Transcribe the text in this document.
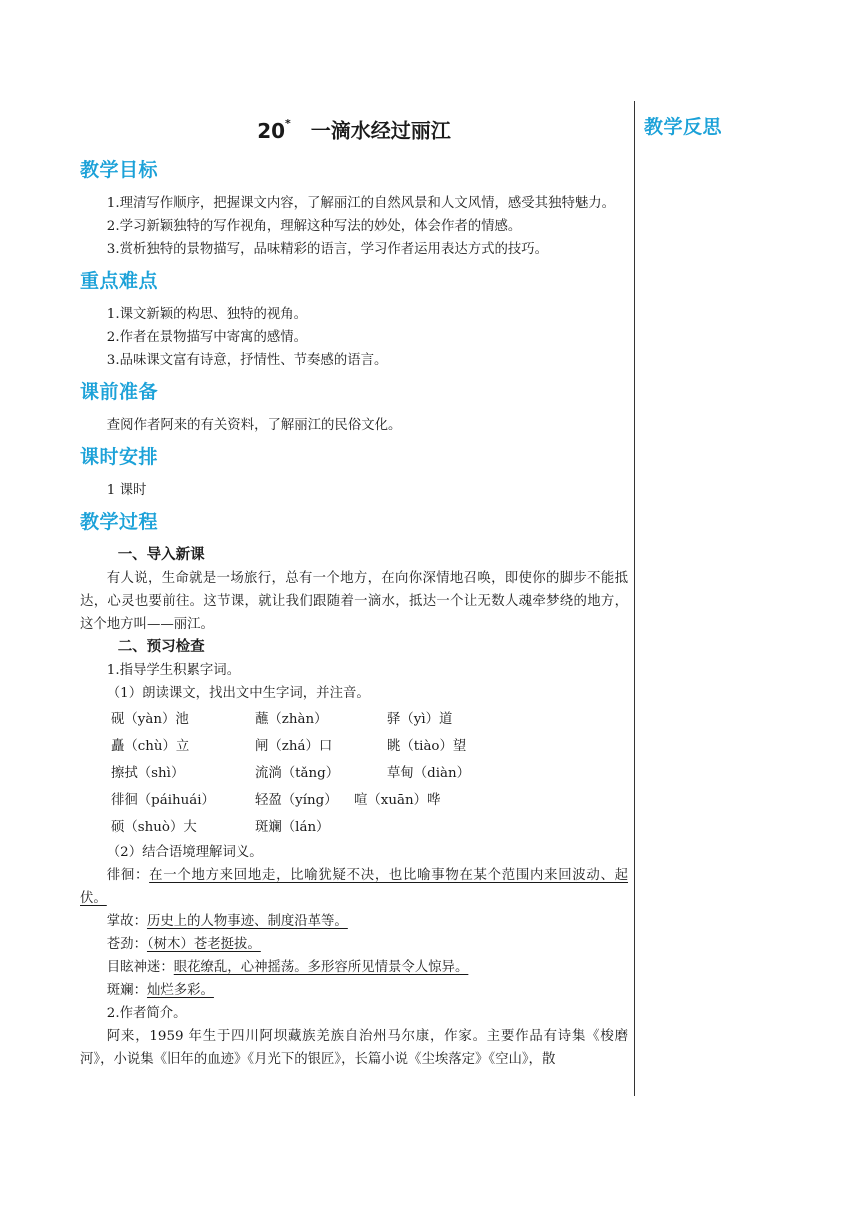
教学反思
20* 一滴水经过丽江
教学目标

1.理清写作顺序，把握课文内容，了解丽江的自然风景和人文风情，感受其独特魅力。

2.学习新颖独特的写作视角，理解这种写法的妙处，体会作者的情感。

3.赏析独特的景物描写，品味精彩的语言，学习作者运用表达方式的技巧。

重点难点

1.课文新颖的构思、独特的视角。

2.作者在景物描写中寄寓的感情。

3.品味课文富有诗意，抒情性、节奏感的语言。

课前准备

查阅作者阿来的有关资料，了解丽江的民俗文化。

课时安排

1 课时

教学过程
一、导入新课

有人说，生命就是一场旅行，总有一个地方，在向你深情地召唤，即使你的脚步不能抵达，心灵也要前往。这节课，就让我们跟随着一滴水，抵达一个让无数人魂牵梦绕的地方，这个地方叫——丽江。

二、预习检查

1.指导学生积累字词。

（1）朗读课文，找出文中生字词，并注音。

砚（yàn）池	蘸（zhàn）	驿（yì）道
矗（chù）立	闸（zhá）口	眺（tiào）望
擦拭（shì）	流淌（tǎng）	草甸（diàn）
徘徊（páihuái）	轻盈（yíng） 喧（xuān）哗
硕（shuò）大	斑斓（lán）

（2）结合语境理解词义。

徘徊：在一个地方来回地走，比喻犹疑不决，也比喻事物在某个范围内来回波动、起伏。

掌故：历史上的人物事迹、制度沿革等。

苍劲：（树木）苍老挺拔。

目眩神迷：眼花缭乱，心神摇荡。多形容所见情景令人惊异。

斑斓：灿烂多彩。

2.作者简介。

阿来，1959 年生于四川阿坝藏族羌族自治州马尔康，作家。主要作品有诗集《梭磨河》，小说集《旧年的血迹》《月光下的银匠》，长篇小说《尘埃落定》《空山》，散
